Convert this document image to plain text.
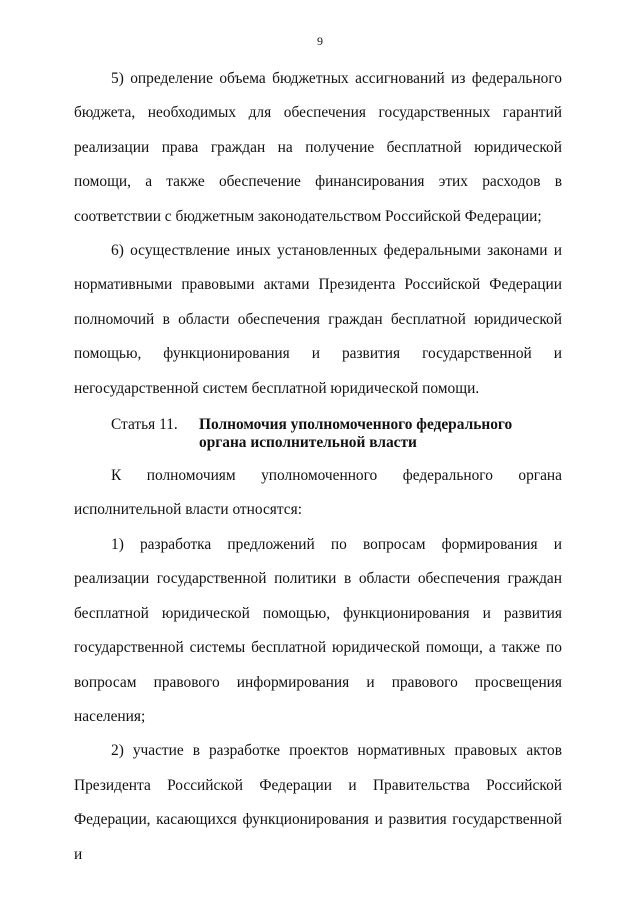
9

5) определение объема бюджетных ассигнований из федерального бюджета, необходимых для обеспечения государственных гарантий реализации права граждан на получение бесплатной юридической помощи, а также обеспечение финансирования этих расходов в соответствии с бюджетным законодательством Российской Федерации;

6) осуществление иных установленных федеральными законами и нормативными правовыми актами Президента Российской Федерации полномочий в области обеспечения граждан бесплатной юридической помощью, функционирования и развития государственной и негосударственной систем бесплатной юридической помощи.

Статья 11.	Полномочия уполномоченного федерального
органа исполнительной власти
К полномочиям уполномоченного федерального органа
исполнительной власти относятся:

1) разработка предложений по вопросам формирования и реализации государственной политики в области обеспечения граждан бесплатной юридической помощью, функционирования и развития государственной системы бесплатной юридической помощи, а также по вопросам правового информирования и правового просвещения населения;

2) участие в разработке проектов нормативных правовых актов Президента Российской Федерации и Правительства Российской Федерации, касающихся функционирования и развития государственной и
